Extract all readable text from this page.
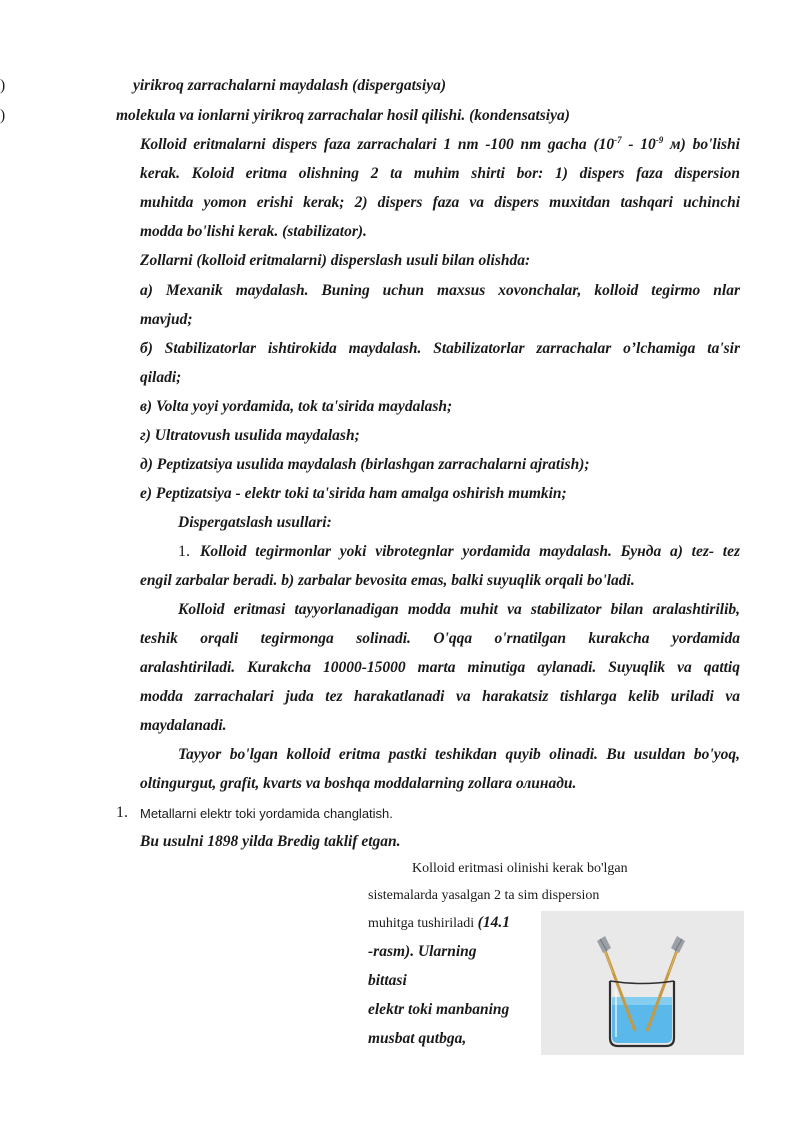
)	yirikroq zarrachalarni maydalash (dispergatsiya)
)	molekula va ionlarni yirikroq zarrachalar hosil qilishi. (kondensatsiya)
Kolloid eritmalarni dispers faza zarrachalari 1 nm -100 nm gacha ($10^{-7} - 10^{-9}$ м) bo'lishi
kerak. Koloid eritma olishning 2 ta muhim shirti bor: 1) dispers faza dispersion
muhitda yomon erishi kerak; 2) dispers faza va dispers muxitdan tashqari uchinchi
modda bo'lishi kerak. (stabilizator).
Zollarni (kolloid eritmalarni) disperslash usuli bilan olishda:
a) Mexanik maydalash. Buning uchun maxsus xovonchalar, kolloid tegirmo nlar
mavjud;
б) Stabilizatorlar ishtirokida maydalash. Stabilizatorlar zarrachalar o’lchamiga ta'sir
qiladi;
в) Volta yoyi yordamida, tok ta'sirida maydalash;
г) Ultratovush usulida maydalash;
д) Peptizatsiya usulida maydalash (birlashgan zarrachalarni ajratish);
е) Peptizatsiya - elektr toki ta'sirida ham amalga oshirish mumkin;
Dispergatslash usullari:
1. Kolloid tegirmonlar yoki vibrotegnlar yordamida maydalash. Бунда a) tez- tez
engil zarbalar beradi. b) zarbalar bevosita emas, balki suyuqlik orqali bo'ladi.
Kolloid eritmasi tayyorlanadigan modda muhit va stabilizator bilan aralashtirilib,
teshik orqali tegirmonga solinadi. O'qqa o'rnatilgan kurakcha yordamida
aralashtiriladi. Kurakcha 10000-15000 marta minutiga aylanadi. Suyuqlik va qattiq
modda zarrachalari juda tez harakatlanadi va harakatsiz tishlarga kelib uriladi va
maydalanadi.
Tayyor bo'lgan kolloid eritma pastki teshikdan quyib olinadi. Bu usuldan bo'yoq,
oltingurgut, grafit, kvarts va boshqa moddalarning zollara олинади.
1. Metallarni elektr toki yordamida changlatish.
Bu usulni 1898 yilda Bredig taklif etgan.
Kolloid eritmasi olinishi kerak bo'lgan
sistemalarda yasalgan 2 ta sim dispersion
muhitga tushiriladi (14.1
-rasm). Ularning
bittasi
elektr toki manbaning
musbat qutbga,
